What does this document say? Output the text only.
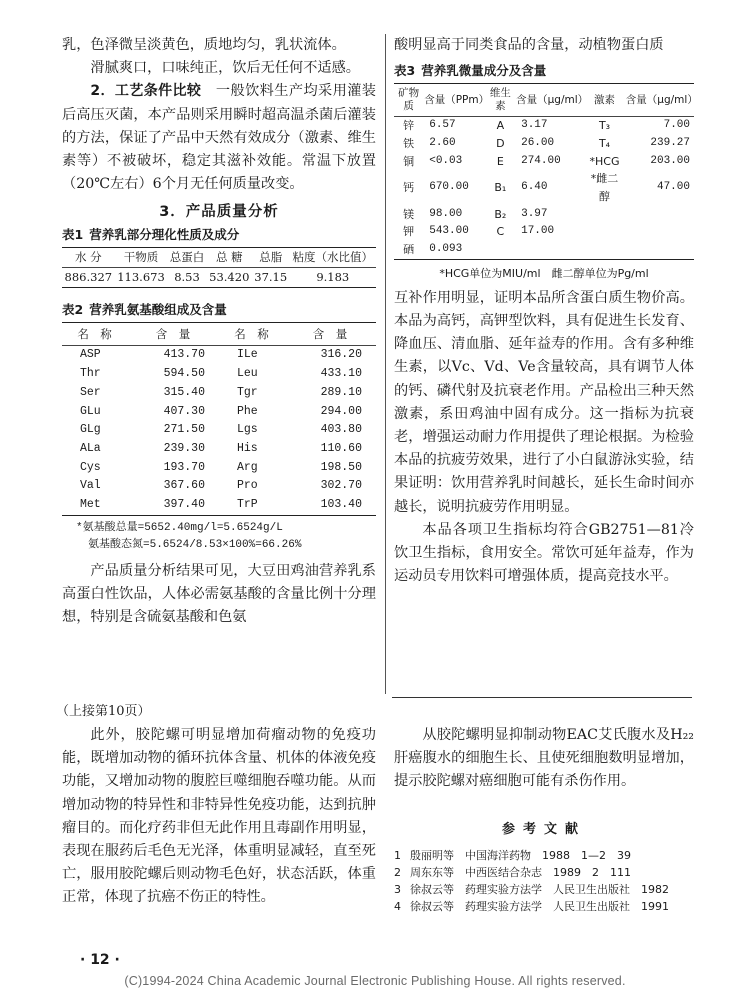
乳，色泽微呈淡黄色，质地均匀，乳状流体。

滑腻爽口，口味纯正，饮后无任何不适感。

2．工艺条件比较　 一般饮料生产均采用灌装后高压灭菌，本产品则采用瞬时超高温杀菌后灌装的方法，保证了产品中天然有效成分（激素、维生素等）不被破坏，稳定其滋补效能。常温下放置（20℃左右）6个月无任何质量改变。

3．产品质量分析
表1 营养乳部分理化性质及成分
水 分	干物质	总蛋白	总 糖	总脂	粘度（水比值）
886.327	113.673	8.53	53.420	37.15	9.183
表2 营养乳氨基酸组成及含量
名　称	含　量	名　称	含　量
ASP	413.70	ILe	316.20
Thr	594.50	Leu	433.10
Ser	315.40	Tgr	289.10
GLu	407.30	Phe	294.00
GLg	271.50	Lgs	403.80
ALa	239.30	His	110.60
Cys	193.70	Arg	198.50
Val	367.60	Pro	302.70
Met	397.40	TrP	103.40
*氨基酸总量=5652.40mg/l=5.6524g/L
氨基酸态氮=5.6524/8.53×100%=66.26%

产品质量分析结果可见，大豆田鸡油营养乳系高蛋白性饮品，人体必需氨基酸的含量比例十分理想，特别是含硫氨基酸和色氨

酸明显高于同类食品的含量，动植物蛋白质

表3 营养乳微量成分及含量
矿物质	含量（PPm）	维生素	含量（μg/ml）	激素	含量（μg/ml）
锌	6.57	A	3.17	T₃	7.00
铁	2.60	D	26.00	T₄	239.27
铜	<0.03	E	274.00	*HCG	203.00
钙	670.00	B₁	6.40	*雌二醇	47.00
镁	98.00	B₂	3.97		
钾	543.00	C	17.00		
硒	0.093				
*HCG单位为MIU/ml　雌二醇单位为Pg/ml

互补作用明显，证明本品所含蛋白质生物价高。本品为高钙，高钾型饮料，具有促进生长发育、降血压、清血脂、延年益寿的作用。含有多种维生素，以Vc、Vd、Ve含量较高，具有调节人体的钙、磷代射及抗衰老作用。产品检出三种天然激素，系田鸡油中固有成分。这一指标为抗衰老，增强运动耐力作用提供了理论根据。为检验本品的抗疲劳效果，进行了小白鼠游泳实验，结果证明：饮用营养乳时间越长，延长生命时间亦越长，说明抗疲劳作用明显。

本品各项卫生指标均符合GB2751—81冷饮卫生指标，食用安全。常饮可延年益寿，作为运动员专用饮料可增强体质，提高竞技水平。

（上接第10页）

此外，胶陀螺可明显增加荷瘤动物的免疫功能，既增加动物的循环抗体含量、机体的体液免疫功能，又增加动物的腹腔巨噬细胞吞噬功能。从而增加动物的特异性和非特异性免疫功能，达到抗肿瘤目的。而化疗药非但无此作用且毒副作用明显，表现在服药后毛色无光泽，体重明显减轻，直至死亡，服用胶陀螺后则动物毛色好，状态活跃，体重正常，体现了抗癌不伤正的特性。

从胶陀螺明显抑制动物EAC艾氏腹水及H₂₂肝癌腹水的细胞生长、且使死细胞数明显增加，提示胶陀螺对癌细胞可能有杀伤作用。

参考文献
1 殷丽明等　中国海洋药物　1988　1—2　39
2 周东东等　中西医结合杂志　1989　2　111
3 徐叔云等　药理实验方法学　人民卫生出版社　1982
4 徐叔云等　药理实验方法学　人民卫生出版社　1991
· 12 ·
(C)1994-2024 China Academic Journal Electronic Publishing House. All rights reserved.
